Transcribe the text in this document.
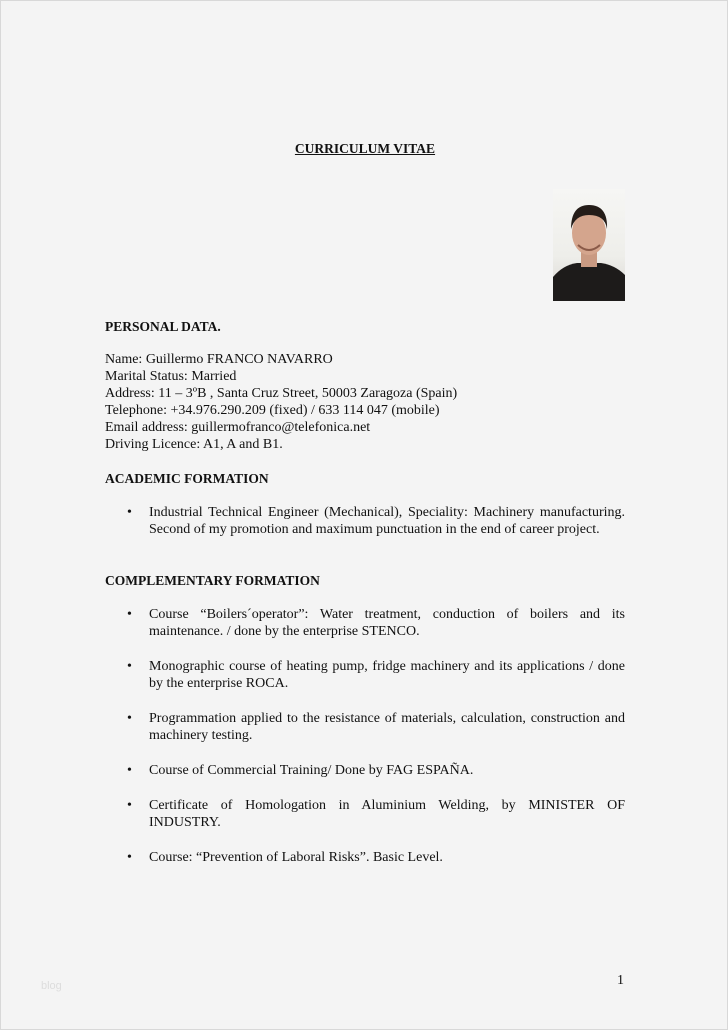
CURRICULUM VITAE
PERSONAL DATA.
Name: Guillermo FRANCO NAVARRO
Marital Status: Married
Address: 11 – 3ºB , Santa Cruz Street, 50003 Zaragoza (Spain)
Telephone: +34.976.290.209 (fixed) / 633 114 047 (mobile)
Email address: guillermofranco@telefonica.net
Driving Licence: A1, A and B1.
ACADEMIC FORMATION
• Industrial Technical Engineer (Mechanical), Speciality: Machinery manufacturing. Second of my promotion and maximum punctuation in the end of career project.
COMPLEMENTARY FORMATION
• Course “Boilers´operator”: Water treatment, conduction of boilers and its maintenance. / done by the enterprise STENCO.
• Monographic course of heating pump, fridge machinery and its applications / done by the enterprise ROCA.
• Programmation applied to the resistance of materials, calculation, construction and machinery testing.
• Course of Commercial Training/ Done by FAG ESPAÑA.
• Certificate of Homologation in Aluminium Welding, by MINISTER OF INDUSTRY.
• Course: “Prevention of Laboral Risks”. Basic Level.
1
blog
